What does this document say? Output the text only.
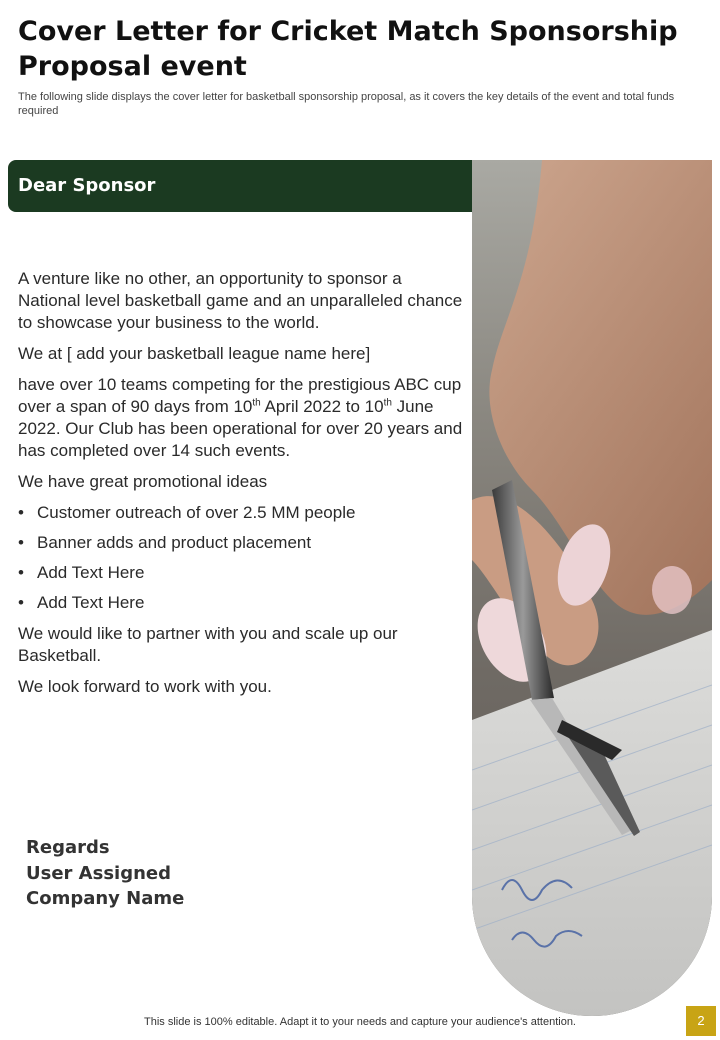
Cover Letter for Cricket Match Sponsorship Proposal event
The following slide displays the cover letter for basketball sponsorship proposal, as it covers the key details of the event and total funds required
Dear Sponsor

A venture like no other, an opportunity to sponsor a National level basketball game and an unparalleled chance to showcase your business to the world.

We at [ add your basketball league name here]

have over 10 teams competing for the prestigious ABC cup over a span of 90 days from 10th April 2022 to 10th June 2022. Our Club has been operational for over 20 years and has completed over 14 such events.

We have great promotional ideas

• Customer outreach of over 2.5 MM people
• Banner adds and product placement
• Add Text Here
• Add Text Here

We would like to partner with you and scale up our Basketball.

We look forward to work with you.

Regards
User Assigned
Company Name
This slide is 100% editable. Adapt it to your needs and capture your audience's attention.	2
